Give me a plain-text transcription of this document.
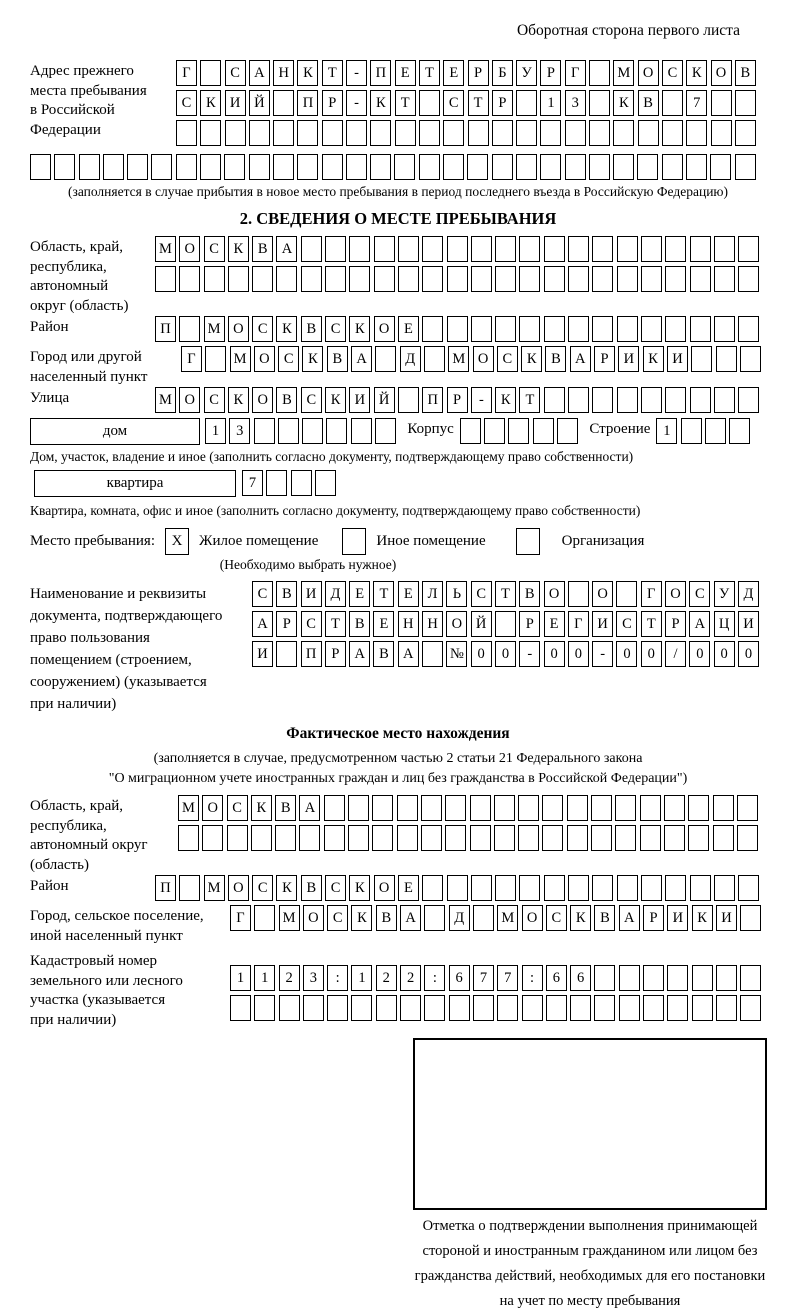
Оборотная сторона первого листа
Адрес прежнего
места пребывания
в Российской
Федерации
Г	С А Н К	Т	-	П	Е	Т	Е	Р	Б	У	Р	Г	М О С	К О В
С	К И Й	П	Р	-	К	Т	С	Т	Р	1	3	К	В	7
(заполняется в случае прибытия в новое место пребывания в период последнего въезда в Российскую Федерацию)
2. СВЕДЕНИЯ О МЕСТЕ ПРЕБЫВАНИЯ
Область, край,
республика,
автономный
округ (область)
М О С	К	В А
Район	П	М О С	К	В	С	К О	Е
Город или другой
населенный пункт
Г	М О С	К	В А	Д	М О С	К	В А	Р	И К И
Улица	М О С	К О В	С	К И Й	П	Р	-	К	Т
дом	1	3	Корпус	Строение 1
Дом, участок, владение и иное (заполнить согласно документу, подтверждающему право собственности)
квартира	7
Квартира, комната, офис и иное (заполнить согласно документу, подтверждающему право собственности)
Место пребывания:	X	Жилое помещение	Иное помещение	Организация
(Необходимо выбрать нужное)
Наименование и реквизиты
документа, подтверждающего
право пользования
помещением (строением,
сооружением) (указывается
при наличии)
С	В И Д	Е	Т	Е	Л	Ь	С	Т	В О	О	Г	О С У Д
А	Р	С	Т	В	Е	Н Н О Й	Р	Е	Г	И С	Т	Р	А Ц И
И	П	Р	А В А	№ 0	0	-	0	0	-	0	0	/	0	0	0
Фактическое место нахождения
(заполняется в случае, предусмотренном частью 2 статьи 21 Федерального закона
"О миграционном учете иностранных граждан и лиц без гражданства в Российской Федерации")
Область, край,
республика,
автономный округ
(область)
М О С	К	В А
Район	П	М О С	К	В	С	К О	Е
Город, сельское поселение,
иной населенный пункт
Г	М О С	К	В А	Д	М О С	К	В А	Р	И К И
Кадастровый номер
земельного или лесного
участка (указывается
при наличии)
1	1	2	3	:	1	2	2	:	6	7	7	:	6	6
Отметка о подтверждении выполнения принимающей
стороной и иностранным гражданином или лицом без
гражданства действий, необходимых для его постановки
на учет по месту пребывания
